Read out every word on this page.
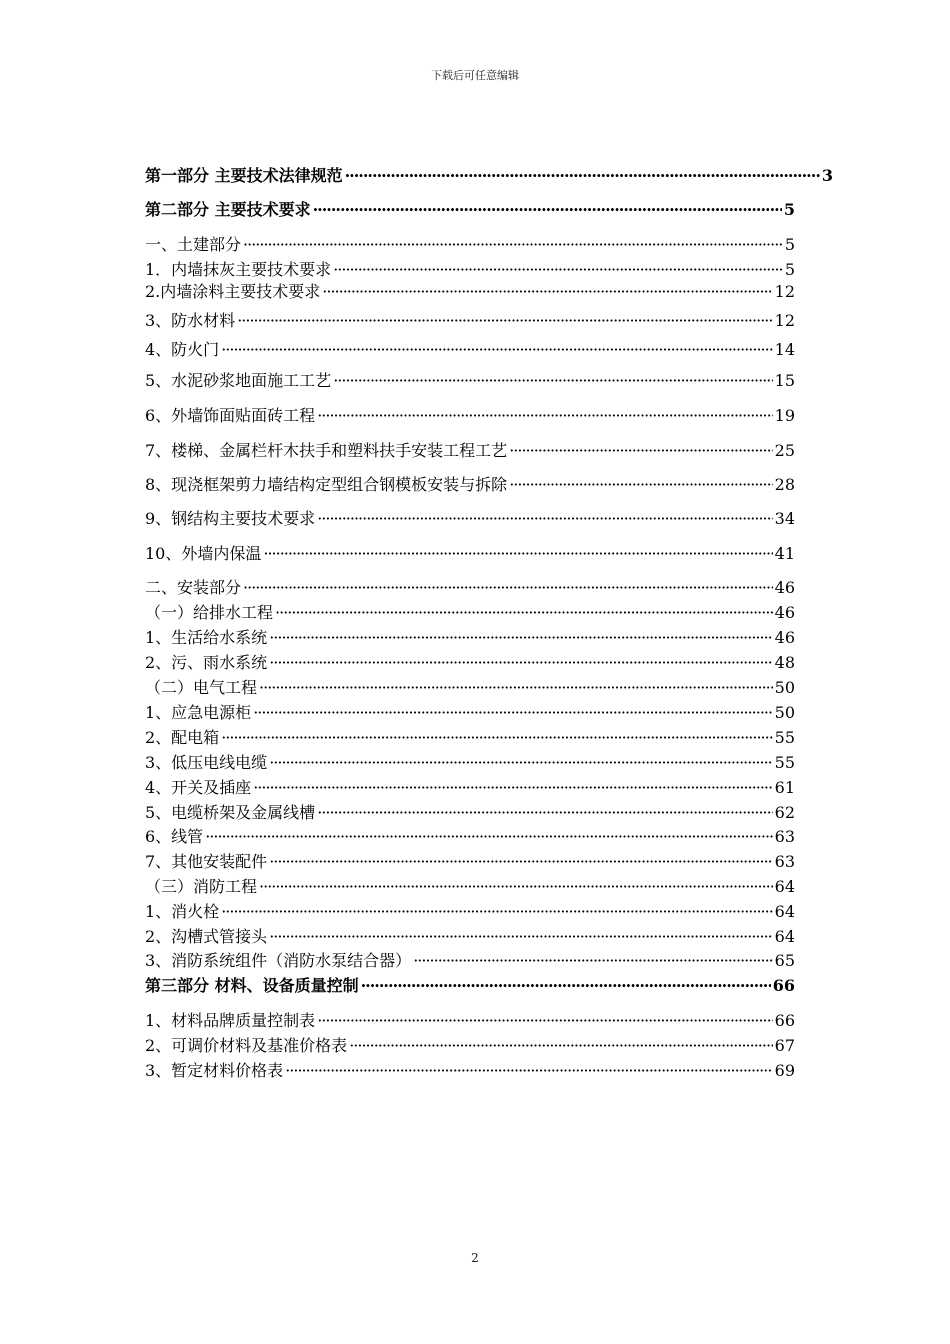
下载后可任意编辑
第一部分 主要技术法律规范 ·····	3
第二部分 主要技术要求 ·····	5
一、土建部分 ·····	5
1．内墙抹灰主要技术要求 ·····	5
2.内墙涂料主要技术要求 ·····	12
3、防水材料 ·····	12
4、防火门 ·····	14
5、水泥砂浆地面施工工艺 ·····	15
6、外墙饰面贴面砖工程 ·····	19
7、楼梯、金属栏杆木扶手和塑料扶手安装工程工艺 ·····	25
8、现浇框架剪力墙结构定型组合钢模板安装与拆除 ·····	28
9、钢结构主要技术要求 ·····	34
10、外墙内保温 ·····	41
二、安装部分 ·····	46
（一）给排水工程 ·····	46
1、生活给水系统 ·····	46
2、污、雨水系统 ·····	48
（二）电气工程 ·····	50
1、应急电源柜 ·····	50
2、配电箱 ·····	55
3、低压电线电缆 ·····	55
4、开关及插座 ·····	61
5、电缆桥架及金属线槽 ·····	62
6、线管 ·····	63
7、其他安装配件 ·····	63
（三）消防工程 ·····	64
1、消火栓 ·····	64
2、沟槽式管接头 ·····	64
3、消防系统组件（消防水泵结合器） ·····	65
第三部分 材料、设备质量控制 ·····	66
1、材料品牌质量控制表 ·····	66
2、可调价材料及基准价格表 ·····	67
3、暂定材料价格表 ·····	69
2
